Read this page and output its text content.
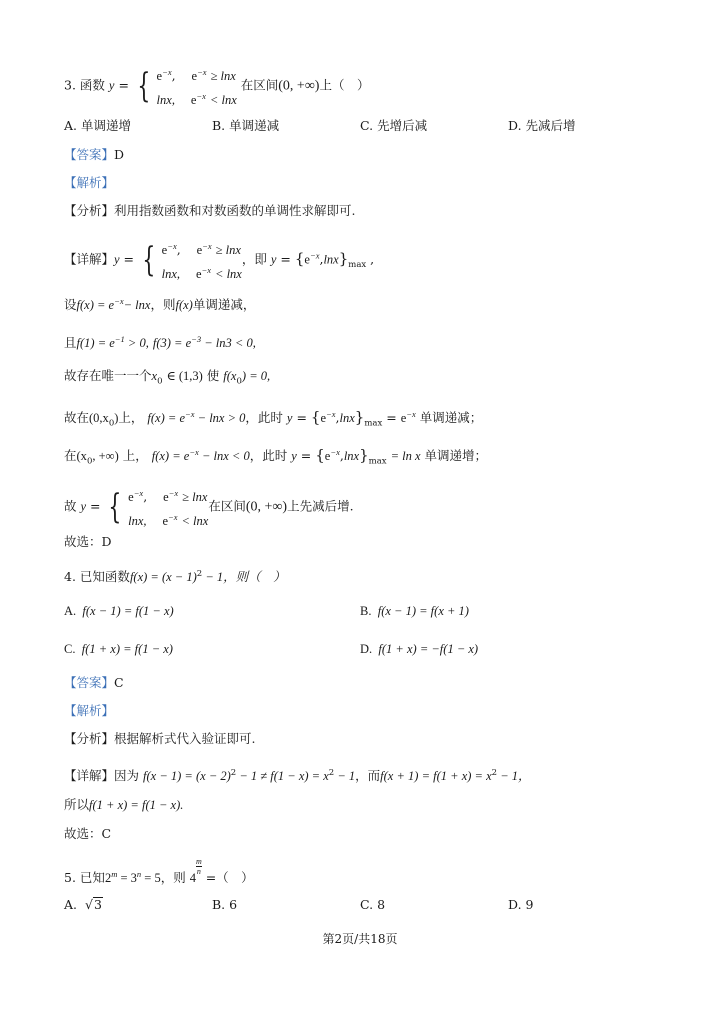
3. 函数 y = { $e^{-x}$,    $e^{-x} \ge \ln x$
lnx, $e^{-x} < \ln x$
在区间(0, +∞)上（　）
A. 单调递增	B. 单调递减	C. 先增后减	D. 先减后增
【答案】D
【解析】
【分析】利用指数函数和对数函数的单调性求解即可.
【详解】y = { $e^{-x}$,    $e^{-x} \ge \ln x$
lnx, $e^{-x} < \ln x$
，即 $y = \{e^{-x},\ln x\}_{max}$ ,
设$f(x) = e^{-x}- \ln x$，则f(x)单调递减，
且$f(1) = e^{-1} > 0$, $f(3) = e^{-3} - \ln 3 < 0$,
故存在唯一一个$x_0$ ∈ (1,3) 使 $f(x_0) = 0$,
故在$(0,x_0)$上， $f(x) = e^{-x} - \ln x > 0$，此时 $y = \{e^{-x},\ln x\}_{max} = e^{-x}$ 单调递减；
在($x_0$, +∞) 上， $f(x) = e^{-x} - \ln x < 0$，此时 $y = \{e^{-x},\ln x\}_{max} = \ln x$ 单调递增；
故 y = { $e^{-x}$,    $e^{-x} \ge \ln x$
lnx, $e^{-x} < \ln x$
在区间(0, +∞)上先减后增.
故选：D
4. 已知函数$f(x) = (x - 1)^2 - 1$，则（　）
A. f(x − 1) = f(1 − x)	B. f(x − 1) = f(x + 1)
C. f(1 + x) = f(1 − x)	D. f(1 + x) = −f(1 − x)
【答案】C
【解析】
【分析】根据解析式代入验证即可.
【详解】因为 $f(x - 1) = (x - 2)^2 - 1 \ne f(1 - x) = x^2 - 1$，而$f(x + 1) = f(1 + x) = x^2 - 1$，
所以f(1 + x) = f(1 − x).
故选：C
5. 已知$2^m = 3^n = 5$，则 4
$\frac{m}{n}$
=（　）
A. √3	B. 6	C. 8	D. 9
第2页/共18页
